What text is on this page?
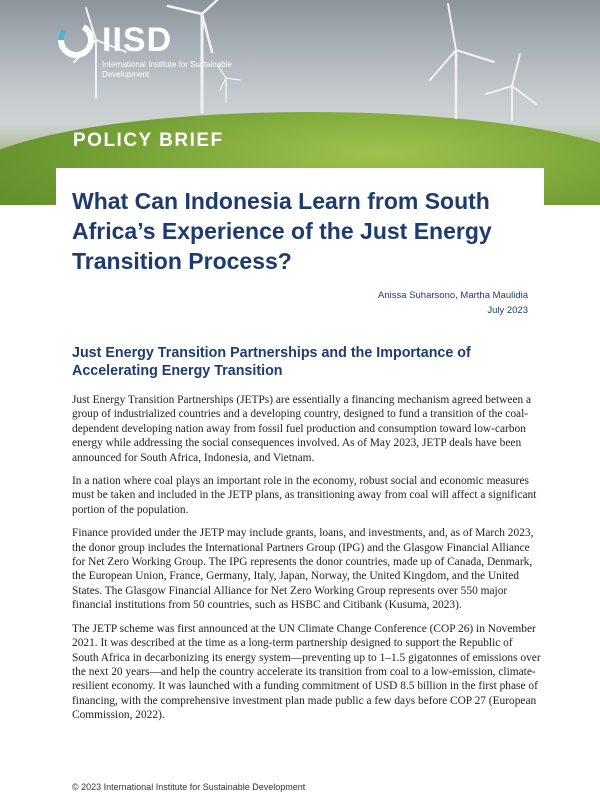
IISD
International Institute for Sustainable Development
POLICY BRIEF
What Can Indonesia Learn from South Africa’s Experience of the Just Energy Transition Process?
Anissa Suharsono, Martha Maulidia
July 2023
Just Energy Transition Partnerships and the Importance of Accelerating Energy Transition

Just Energy Transition Partnerships (JETPs) are essentially a financing mechanism agreed between a group of industrialized countries and a developing country, designed to fund a transition of the coal-dependent developing nation away from fossil fuel production and consumption toward low-carbon energy while addressing the social consequences involved. As of May 2023, JETP deals have been announced for South Africa, Indonesia, and Vietnam.

In a nation where coal plays an important role in the economy, robust social and economic measures must be taken and included in the JETP plans, as transitioning away from coal will affect a significant portion of the population.

Finance provided under the JETP may include grants, loans, and investments, and, as of March 2023, the donor group includes the International Partners Group (IPG) and the Glasgow Financial Alliance for Net Zero Working Group. The IPG represents the donor countries, made up of Canada, Denmark, the European Union, France, Germany, Italy, Japan, Norway, the United Kingdom, and the United States. The Glasgow Financial Alliance for Net Zero Working Group represents over 550 major financial institutions from 50 countries, such as HSBC and Citibank (Kusuma, 2023).

The JETP scheme was first announced at the UN Climate Change Conference (COP 26) in November 2021. It was described at the time as a long-term partnership designed to support the Republic of South Africa in decarbonizing its energy system—preventing up to 1–1.5 gigatonnes of emissions over the next 20 years—and help the country accelerate its transition from coal to a low-emission, climate-resilient economy. It was launched with a funding commitment of USD 8.5 billion in the first phase of financing, with the comprehensive investment plan made public a few days before COP 27 (European Commission, 2022).

© 2023 International Institute for Sustainable Development
